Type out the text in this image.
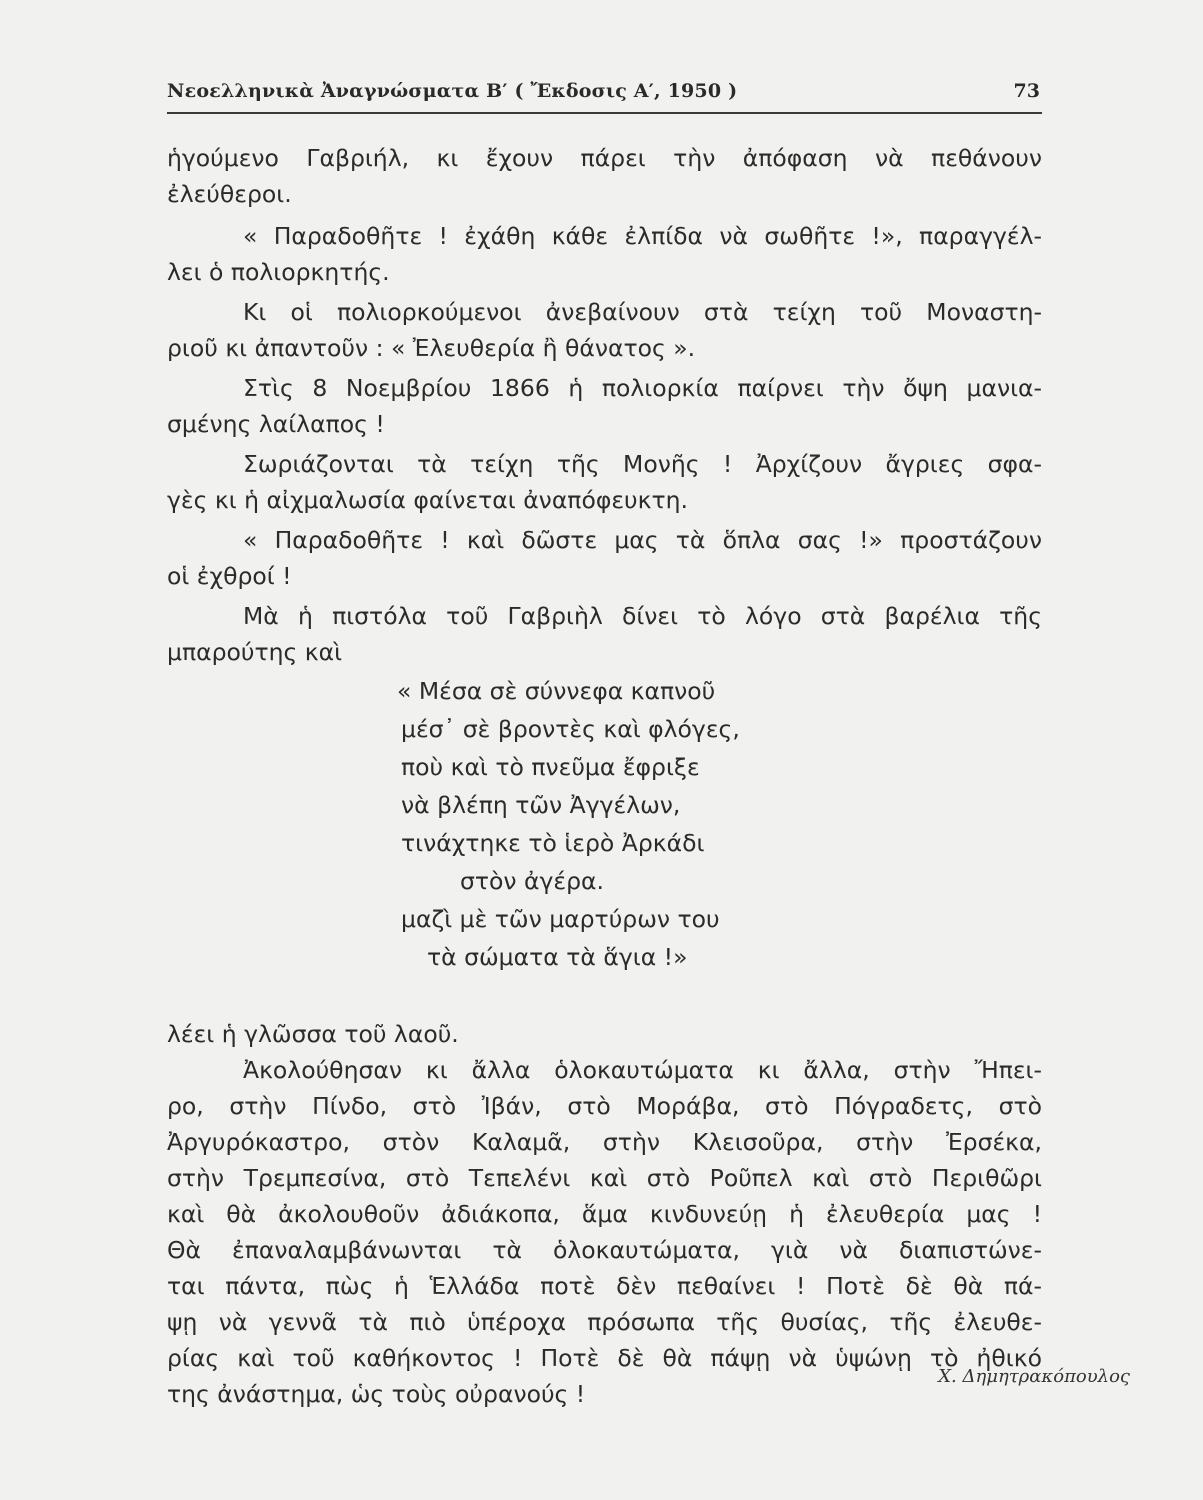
Νεοελληνικὰ Ἀναγνώσματα Β′ ( Ἔκδοσις Α′, 1950 )	73
ἡγούμενο Γαβριήλ, κι ἔχουν πάρει τὴν ἀπόφαση νὰ πεθάνουν
ἐλεύθεροι.
« Παραδοθῆτε ! ἐχάθη κάθε ἐλπίδα νὰ σωθῆτε !», παραγγέλ-
λει ὁ πολιορκητής.
Κι οἱ πολιορκούμενοι ἀνεβαίνουν στὰ τείχη τοῦ Μοναστη-
ριοῦ κι ἀπαντοῦν : « Ἐλευθερία ἢ θάνατος ».
Στὶς 8 Νοεμβρίου 1866 ἡ πολιορκία παίρνει τὴν ὄψη μανια-
σμένης λαίλαπος !
Σωριάζονται τὰ τείχη τῆς Μονῆς ! Ἀρχίζουν ἄγριες σφα-
γὲς κι ἡ αἰχμαλωσία φαίνεται ἀναπόφευκτη.
« Παραδοθῆτε ! καὶ δῶστε μας τὰ ὅπλα σας !» προστάζουν
οἱ ἐχθροί !
Μὰ ἡ πιστόλα τοῦ Γαβριὴλ δίνει τὸ λόγο στὰ βαρέλια τῆς
μπαρούτης καὶ
« Μέσα σὲ σύννεφα καπνοῦ
μέσ᾿ σὲ βροντὲς καὶ φλόγες,
ποὺ καὶ τὸ πνεῦμα ἔφριξε
νὰ βλέπη τῶν Ἀγγέλων,
τινάχτηκε τὸ ἱερὸ Ἀρκάδι
στὸν ἀγέρα.
μαζὶ μὲ τῶν μαρτύρων του
τὰ σώματα τὰ ἅγια !»
λέει ἡ γλῶσσα τοῦ λαοῦ.
Ἀκολούθησαν κι ἄλλα ὁλοκαυτώματα κι ἄλλα, στὴν Ἤπει-
ρο, στὴν Πίνδο, στὸ Ἰβάν, στὸ Μοράβα, στὸ Πόγραδετς, στὸ
Ἀργυρόκαστρο, στὸν Καλαμᾶ, στὴν Κλεισοῦρα, στὴν Ἐρσέκα,
στὴν Τρεμπεσίνα, στὸ Τεπελένι καὶ στὸ Ροῦπελ καὶ στὸ Περιθῶρι
καὶ θὰ ἀκολουθοῦν ἀδιάκοπα, ἅμα κινδυνεύῃ ἡ ἐλευθερία μας !
Θὰ ἐπαναλαμβάνωνται τὰ ὁλοκαυτώματα, γιὰ νὰ διαπιστώνε-
ται πάντα, πὼς ἡ Ἑλλάδα ποτὲ δὲν πεθαίνει ! Ποτὲ δὲ θὰ πά-
ψῃ νὰ γεννᾶ τὰ πιὸ ὑπέροχα πρόσωπα τῆς θυσίας, τῆς ἐλευθε-
ρίας καὶ τοῦ καθήκοντος ! Ποτὲ δὲ θὰ πάψῃ νὰ ὑψώνῃ τὸ ἠθικό
της ἀνάστημα, ὡς τοὺς οὐρανούς !
Χ. Δημητρακόπουλος
